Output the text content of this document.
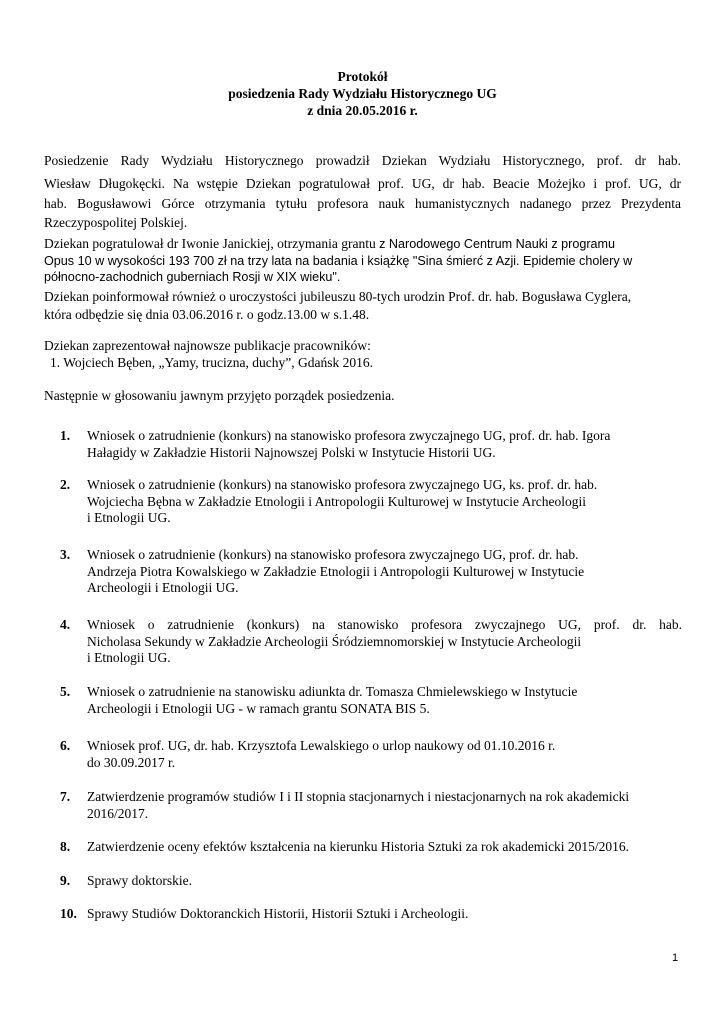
Protokół
posiedzenia Rady Wydziału Historycznego UG
z dnia 20.05.2016 r.
Posiedzenie Rady Wydziału Historycznego prowadził Dziekan Wydziału Historycznego, prof. dr hab.
Wiesław Długokęcki. Na wstępie Dziekan pogratulował prof. UG, dr hab. Beacie Możejko i prof. UG, dr
hab. Bogusławowi Górce otrzymania tytułu profesora nauk humanistycznych nadanego przez Prezydenta
Rzeczypospolitej Polskiej.
Dziekan pogratulował dr Iwonie Janickiej, otrzymania grantu z Narodowego Centrum Nauki z programu
Opus 10 w wysokości 193 700 zł na trzy lata na badania i książkę "Sina śmierć z Azji. Epidemie cholery w
północno-zachodnich guberniach Rosji w XIX wieku".
Dziekan poinformował również o uroczystości jubileuszu 80-tych urodzin Prof. dr. hab. Bogusława Cyglera,
która odbędzie się dnia 03.06.2016 r. o godz.13.00 w s.1.48.
Dziekan zaprezentował najnowsze publikacje pracowników:
1. Wojciech Bęben, „Yamy, trucizna, duchy”, Gdańsk 2016.
Następnie w głosowaniu jawnym przyjęto porządek posiedzenia.
1.	Wniosek o zatrudnienie (konkurs) na stanowisko profesora zwyczajnego UG, prof. dr. hab. Igora
Hałagidy w Zakładzie Historii Najnowszej Polski w Instytucie Historii UG.
2.	Wniosek o zatrudnienie (konkurs) na stanowisko profesora zwyczajnego UG, ks. prof. dr. hab.
Wojciecha Bębna w Zakładzie Etnologii i Antropologii Kulturowej w Instytucie Archeologii
i Etnologii UG.
3.	Wniosek o zatrudnienie (konkurs) na stanowisko profesora zwyczajnego UG, prof. dr. hab.
Andrzeja Piotra Kowalskiego w Zakładzie Etnologii i Antropologii Kulturowej w Instytucie
Archeologii i Etnologii UG.
4.	Wniosek o zatrudnienie (konkurs) na stanowisko profesora zwyczajnego UG, prof. dr. hab.
Nicholasa Sekundy w Zakładzie Archeologii Śródziemnomorskiej w Instytucie Archeologii
i Etnologii UG.
5.	Wniosek o zatrudnienie na stanowisku adiunkta dr. Tomasza Chmielewskiego w Instytucie
Archeologii i Etnologii UG - w ramach grantu SONATA BIS 5.
6.	Wniosek prof. UG, dr. hab. Krzysztofa Lewalskiego o urlop naukowy od 01.10.2016 r.
do 30.09.2017 r.
7.	Zatwierdzenie programów studiów I i II stopnia stacjonarnych i niestacjonarnych na rok akademicki
2016/2017.
8.	Zatwierdzenie oceny efektów kształcenia na kierunku Historia Sztuki za rok akademicki 2015/2016.
9.	Sprawy doktorskie.
10. Sprawy Studiów Doktoranckich Historii, Historii Sztuki i Archeologii.
1
